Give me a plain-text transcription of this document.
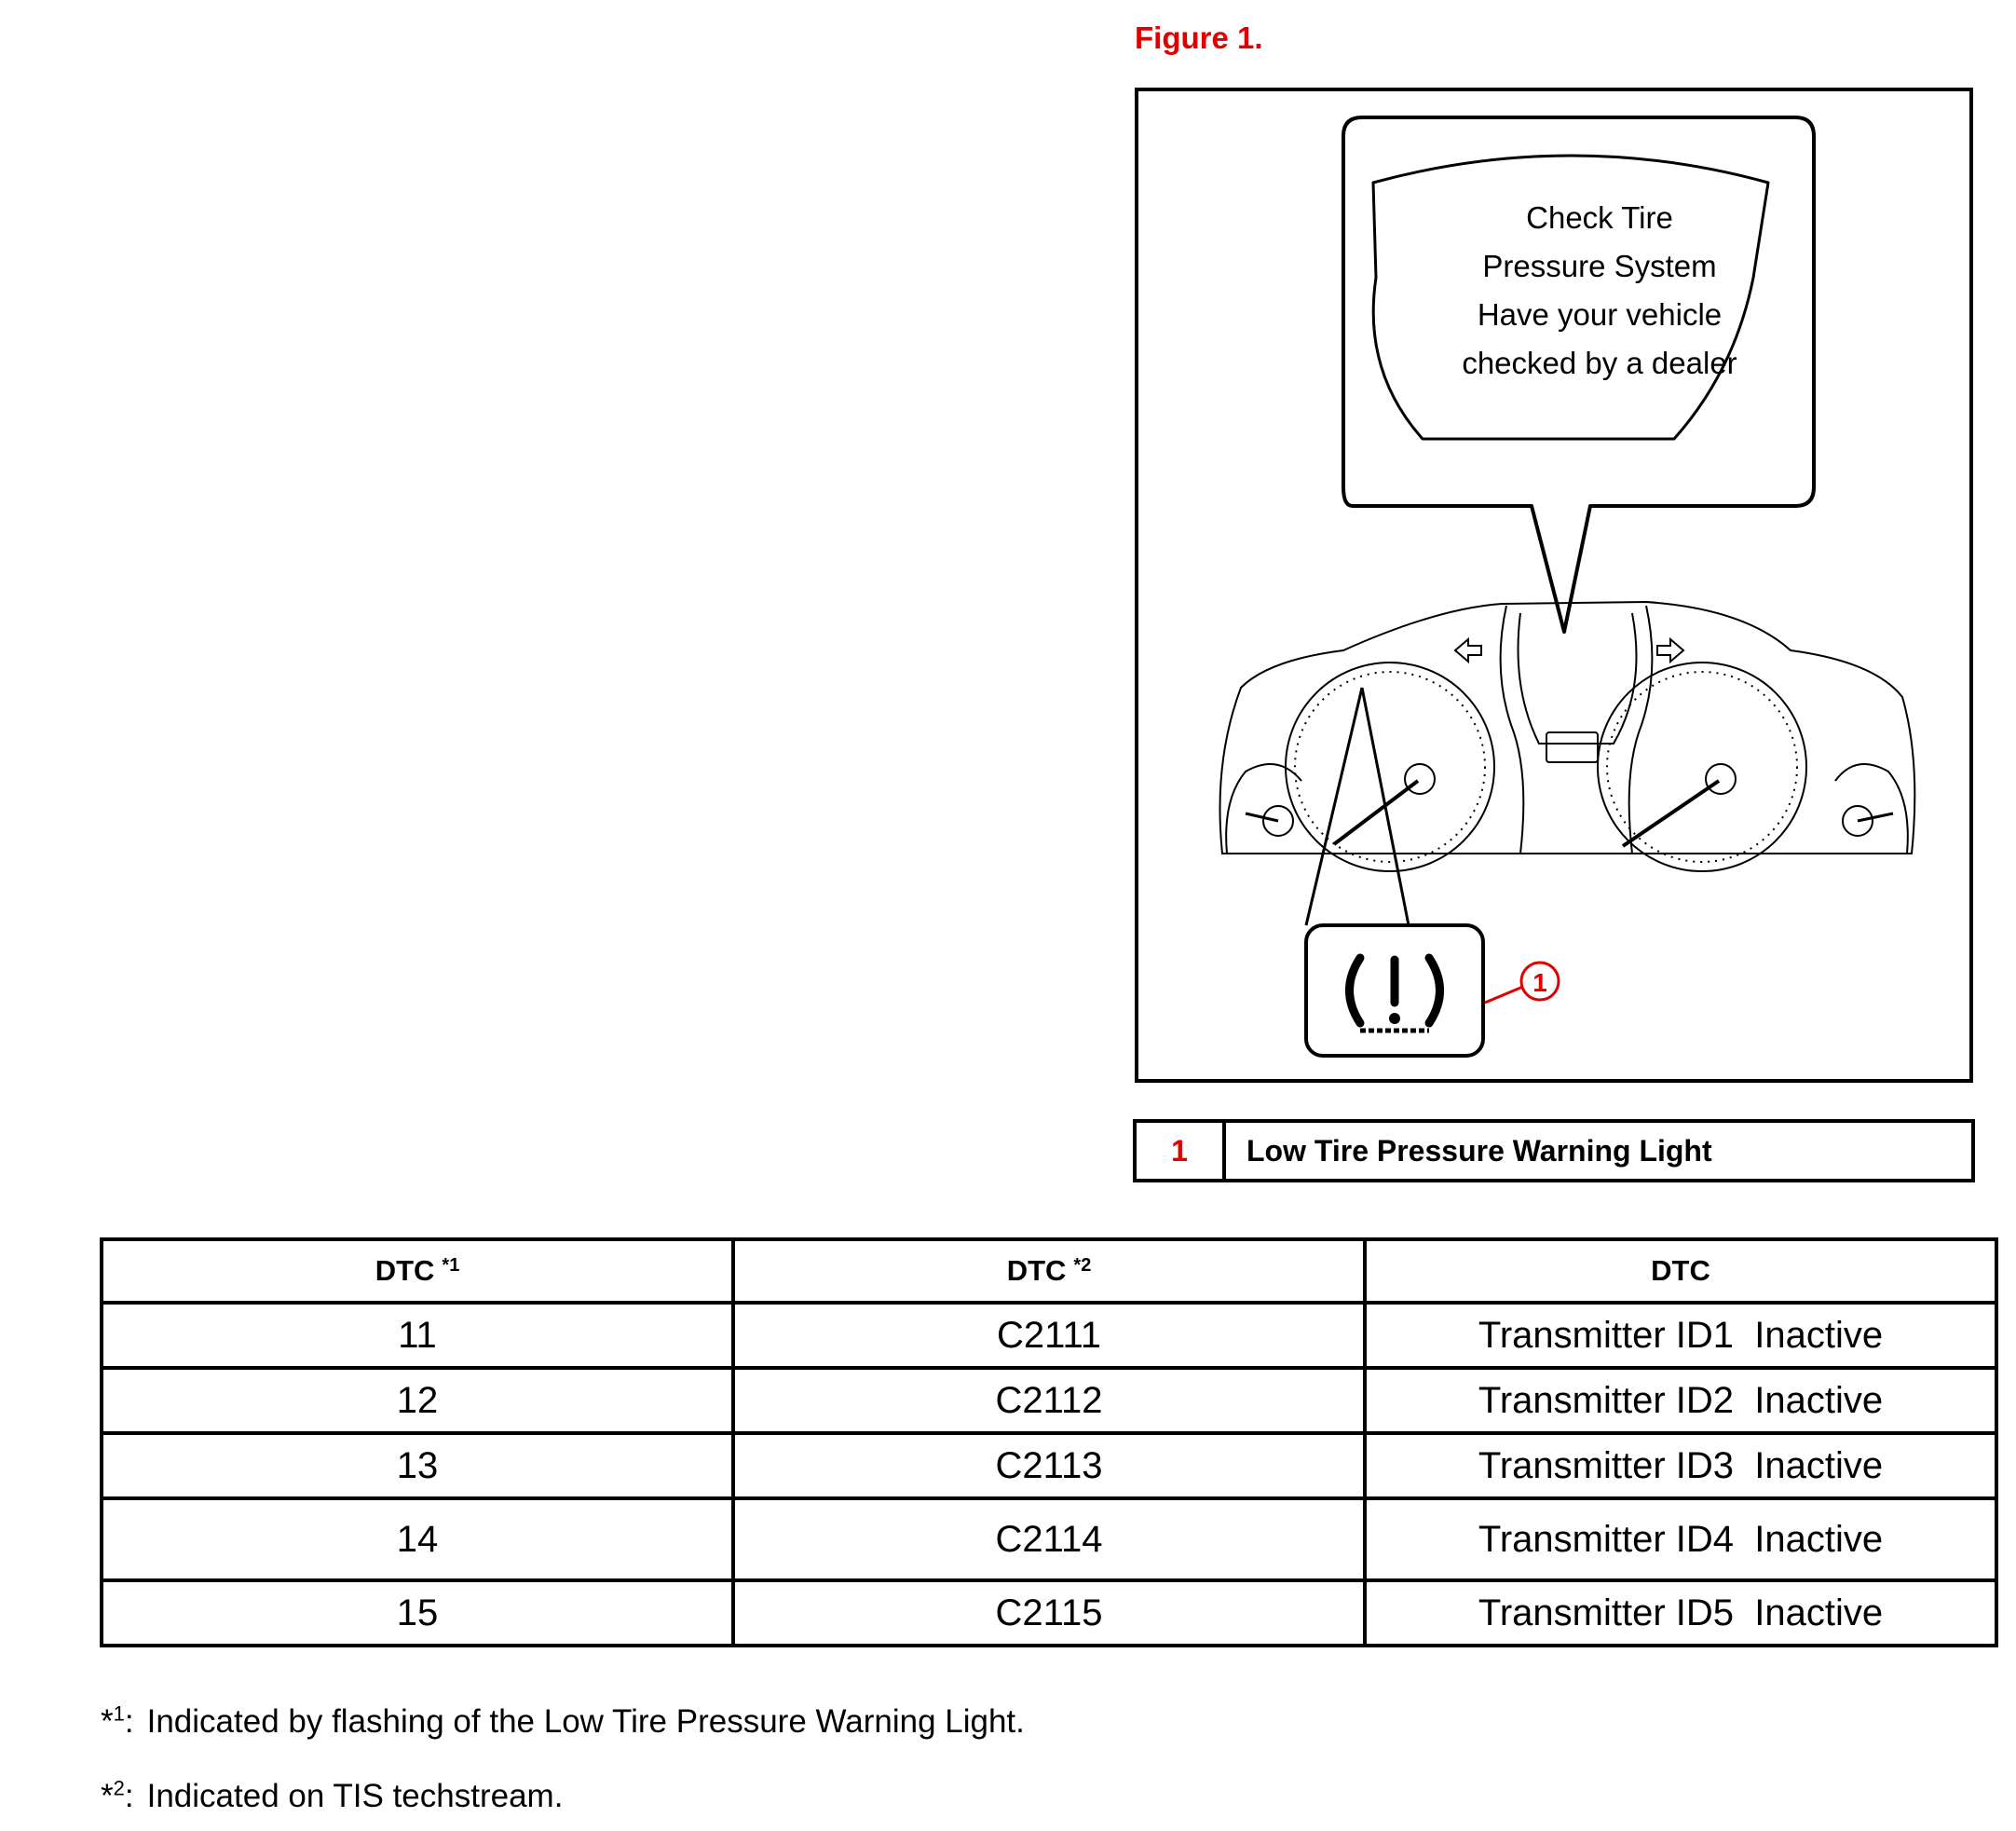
Figure 1.
1
Check Tire
Pressure System
Have your vehicle
checked by a dealer
1	Low Tire Pressure Warning Light
DTC $^{*1}$	DTC $^{*2}$	DTC
11	C2111	Transmitter ID1  Inactive
12	C2112	Transmitter ID2  Inactive
13	C2113	Transmitter ID3  Inactive
14	C2114	Transmitter ID4  Inactive
15	C2115	Transmitter ID5  Inactive
*$^1$: Indicated by flashing of the Low Tire Pressure Warning Light.
*$^2$: Indicated on TIS techstream.
